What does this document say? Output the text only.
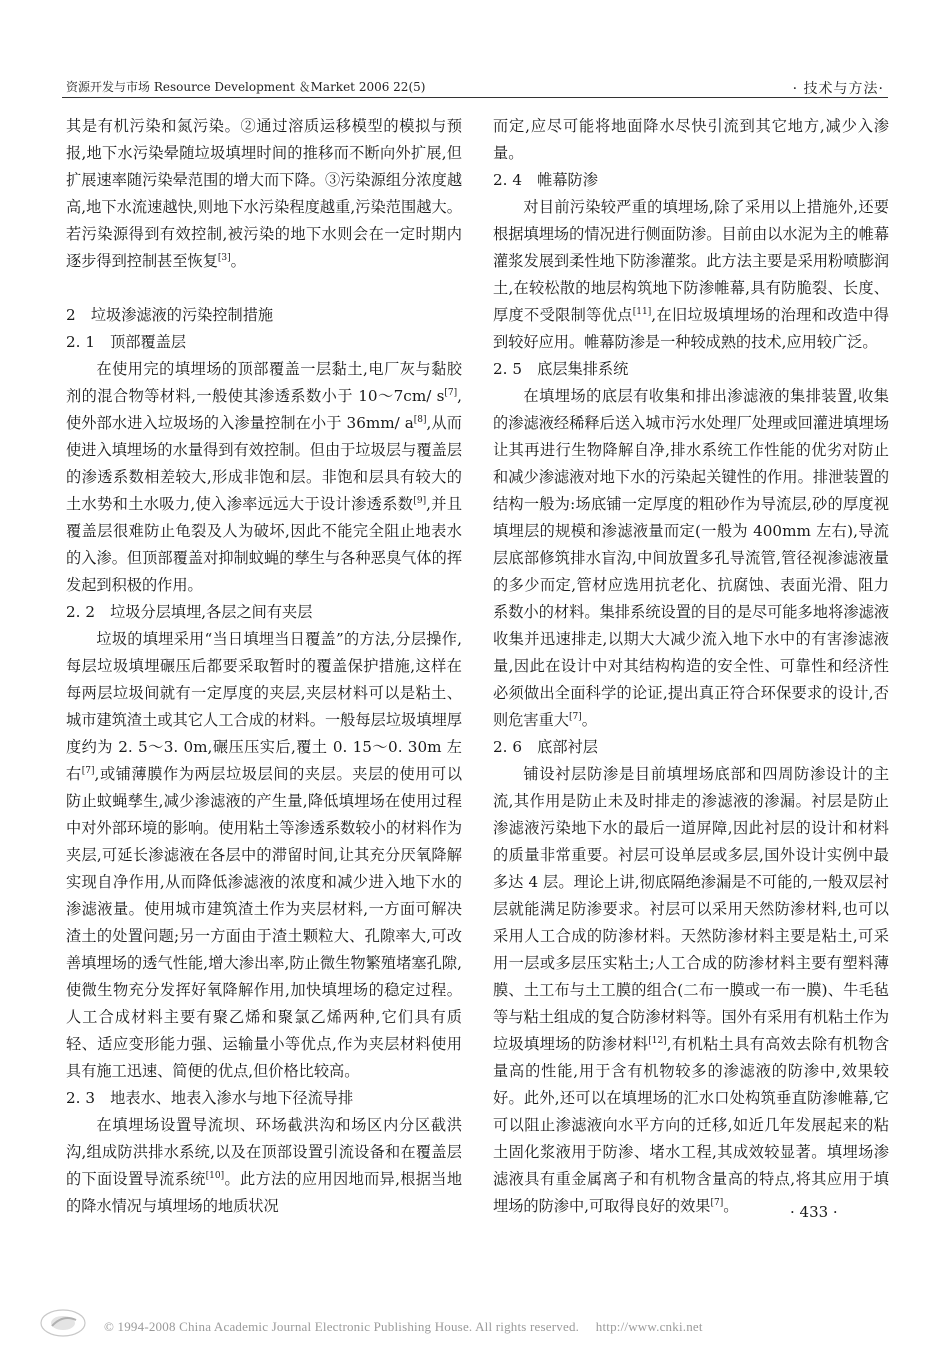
资源开发与市场 Resource Development ＆Market 2006 22(5)	· 技术与方法·

其是有机污染和氮污染。②通过溶质运移模型的模拟与预报,地下水污染晕随垃圾填埋时间的推移而不断向外扩展,但扩展速率随污染晕范围的增大而下降。③污染源组分浓度越高,地下水流速越快,则地下水污染程度越重,污染范围越大。若污染源得到有效控制,被污染的地下水则会在一定时期内逐步得到控制甚至恢复[3]。

2　垃圾渗滤液的污染控制措施

2. 1　顶部覆盖层

在使用完的填埋场的顶部覆盖一层黏土,电厂灰与黏胶剂的混合物等材料,一般使其渗透系数小于 10～7cm/ s[7],使外部水进入垃圾场的入渗量控制在小于 36mm/ a[8],从而使进入填埋场的水量得到有效控制。但由于垃圾层与覆盖层的渗透系数相差较大,形成非饱和层。非饱和层具有较大的土水势和土水吸力,使入渗率远远大于设计渗透系数[9],并且覆盖层很难防止龟裂及人为破坏,因此不能完全阻止地表水的入渗。但顶部覆盖对抑制蚊蝇的孳生与各种恶臭气体的挥发起到积极的作用。

2. 2　垃圾分层填埋,各层之间有夹层

垃圾的填埋采用“当日填埋当日覆盖”的方法,分层操作,每层垃圾填埋碾压后都要采取暂时的覆盖保护措施,这样在每两层垃圾间就有一定厚度的夹层,夹层材料可以是粘土、城市建筑渣土或其它人工合成的材料。一般每层垃圾填埋厚度约为 2. 5～3. 0m,碾压压实后,覆土 0. 15～0. 30m 左右[7],或铺薄膜作为两层垃圾层间的夹层。夹层的使用可以防止蚊蝇孳生,减少渗滤液的产生量,降低填埋场在使用过程中对外部环境的影响。使用粘土等渗透系数较小的材料作为夹层,可延长渗滤液在各层中的滞留时间,让其充分厌氧降解实现自净作用,从而降低渗滤液的浓度和减少进入地下水的渗滤液量。使用城市建筑渣土作为夹层材料,一方面可解决渣土的处置问题;另一方面由于渣土颗粒大、孔隙率大,可改善填埋场的透气性能,增大渗出率,防止微生物繁殖堵塞孔隙,使微生物充分发挥好氧降解作用,加快填埋场的稳定过程。人工合成材料主要有聚乙烯和聚氯乙烯两种,它们具有质轻、适应变形能力强、运输量小等优点,作为夹层材料使用具有施工迅速、简便的优点,但价格比较高。

2. 3　地表水、地表入渗水与地下径流导排

在填埋场设置导流坝、环场截洪沟和场区内分区截洪沟,组成防洪排水系统,以及在顶部设置引流设备和在覆盖层的下面设置导流系统[10]。此方法的应用因地而异,根据当地的降水情况与填埋场的地质状况

而定,应尽可能将地面降水尽快引流到其它地方,减少入渗量。

2. 4　帷幕防渗

对目前污染较严重的填埋场,除了采用以上措施外,还要根据填埋场的情况进行侧面防渗。目前由以水泥为主的帷幕灌浆发展到柔性地下防渗灌浆。此方法主要是采用粉喷膨润土,在较松散的地层构筑地下防渗帷幕,具有防脆裂、长度、厚度不受限制等优点[11],在旧垃圾填埋场的治理和改造中得到较好应用。帷幕防渗是一种较成熟的技术,应用较广泛。

2. 5　底层集排系统

在填埋场的底层有收集和排出渗滤液的集排装置,收集的渗滤液经稀释后送入城市污水处理厂处理或回灌进填埋场让其再进行生物降解自净,排水系统工作性能的优劣对防止和减少渗滤液对地下水的污染起关键性的作用。排泄装置的结构一般为:场底铺一定厚度的粗砂作为导流层,砂的厚度视填埋层的规模和渗滤液量而定(一般为 400mm 左右),导流层底部修筑排水盲沟,中间放置多孔导流管,管径视渗滤液量的多少而定,管材应选用抗老化、抗腐蚀、表面光滑、阻力系数小的材料。集排系统设置的目的是尽可能多地将渗滤液收集并迅速排走,以期大大减少流入地下水中的有害渗滤液量,因此在设计中对其结构构造的安全性、可靠性和经济性必须做出全面科学的论证,提出真正符合环保要求的设计,否则危害重大[7]。

2. 6　底部衬层

铺设衬层防渗是目前填埋场底部和四周防渗设计的主流,其作用是防止未及时排走的渗滤液的渗漏。衬层是防止渗滤液污染地下水的最后一道屏障,因此衬层的设计和材料的质量非常重要。衬层可设单层或多层,国外设计实例中最多达 4 层。理论上讲,彻底隔绝渗漏是不可能的,一般双层衬层就能满足防渗要求。衬层可以采用天然防渗材料,也可以采用人工合成的防渗材料。天然防渗材料主要是粘土,可采用一层或多层压实粘土;人工合成的防渗材料主要有塑料薄膜、土工布与土工膜的组合(二布一膜或一布一膜)、牛毛毡等与粘土组成的复合防渗材料等。国外有采用有机粘土作为垃圾填埋场的防渗材料[12],有机粘土具有高效去除有机物含量高的性能,用于含有机物较多的渗滤液的防渗中,效果较好。此外,还可以在填埋场的汇水口处构筑垂直防渗帷幕,它可以阻止渗滤液向水平方向的迁移,如近几年发展起来的粘土固化浆液用于防渗、堵水工程,其成效较显著。填埋场渗滤液具有重金属离子和有机物含量高的特点,将其应用于填埋场的防渗中,可取得良好的效果[7]。	· 433 ·
© 1994-2008 China Academic Journal Electronic Publishing House. All rights reserved.　 http://www.cnki.net
